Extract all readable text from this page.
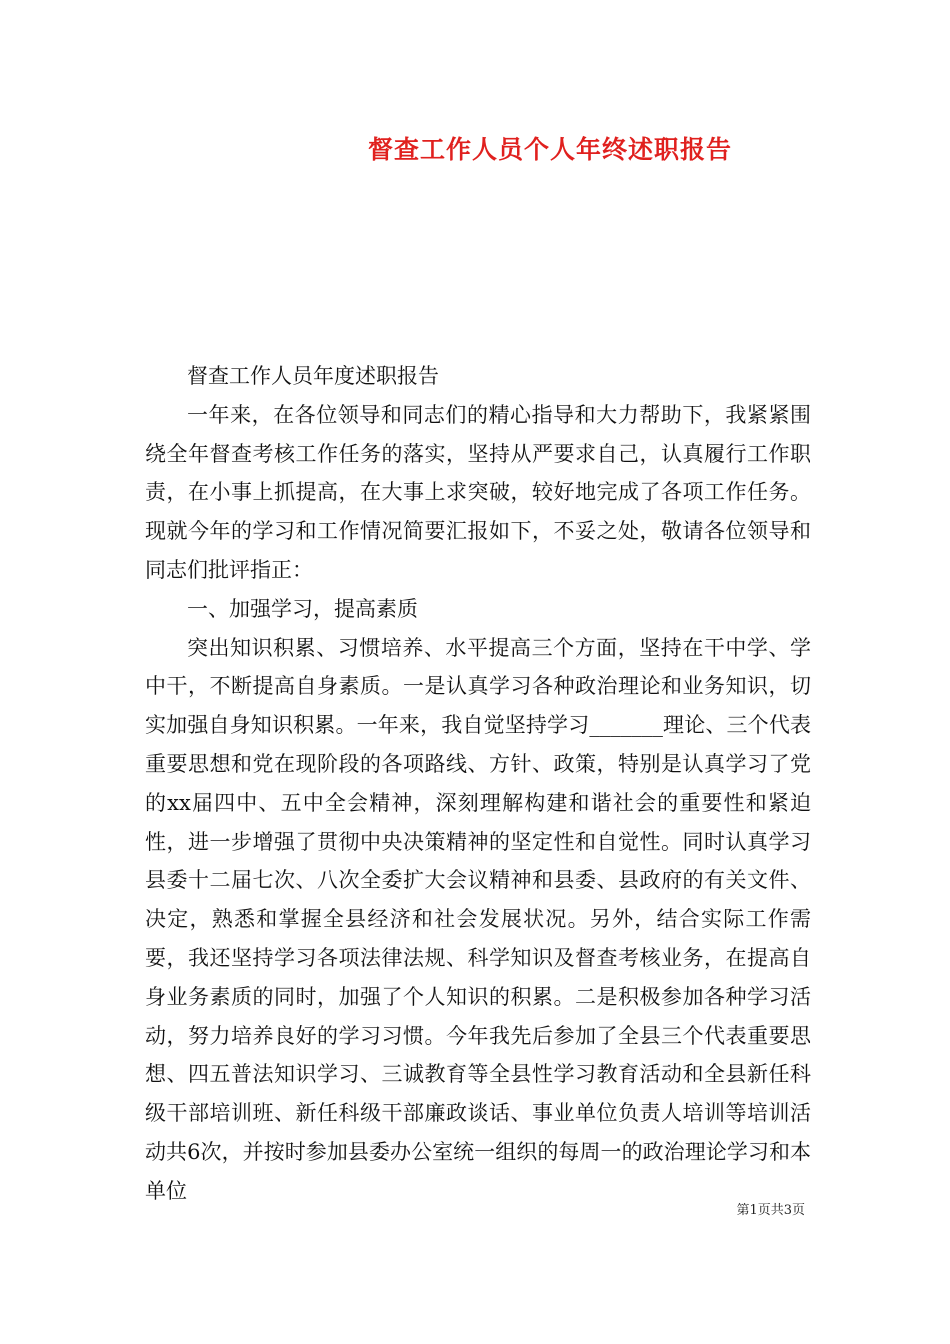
督查工作人员个人年终述职报告

督查工作人员年度述职报告

一年来，在各位领导和同志们的精心指导和大力帮助下，我紧紧围绕全年督查考核工作任务的落实，坚持从严要求自己，认真履行工作职责，在小事上抓提高，在大事上求突破，较好地完成了各项工作任务。现就今年的学习和工作情况简要汇报如下，不妥之处，敬请各位领导和同志们批评指正：

一、加强学习，提高素质

突出知识积累、习惯培养、水平提高三个方面，坚持在干中学、学中干，不断提高自身素质。一是认真学习各种政治理论和业务知识，切实加强自身知识积累。一年来，我自觉坚持学习_______理论、三个代表重要思想和党在现阶段的各项路线、方针、政策，特别是认真学习了党的xx届四中、五中全会精神，深刻理解构建和谐社会的重要性和紧迫性，进一步增强了贯彻中央决策精神的坚定性和自觉性。同时认真学习县委十二届七次、八次全委扩大会议精神和县委、县政府的有关文件、决定，熟悉和掌握全县经济和社会发展状况。另外，结合实际工作需要，我还坚持学习各项法律法规、科学知识及督查考核业务，在提高自身业务素质的同时，加强了个人知识的积累。二是积极参加各种学习活动，努力培养良好的学习习惯。今年我先后参加了全县三个代表重要思想、四五普法知识学习、三诚教育等全县性学习教育活动和全县新任科级干部培训班、新任科级干部廉政谈话、事业单位负责人培训等培训活动共6次，并按时参加县委办公室统一组织的每周一的政治理论学习和本单位

第1页共3页
